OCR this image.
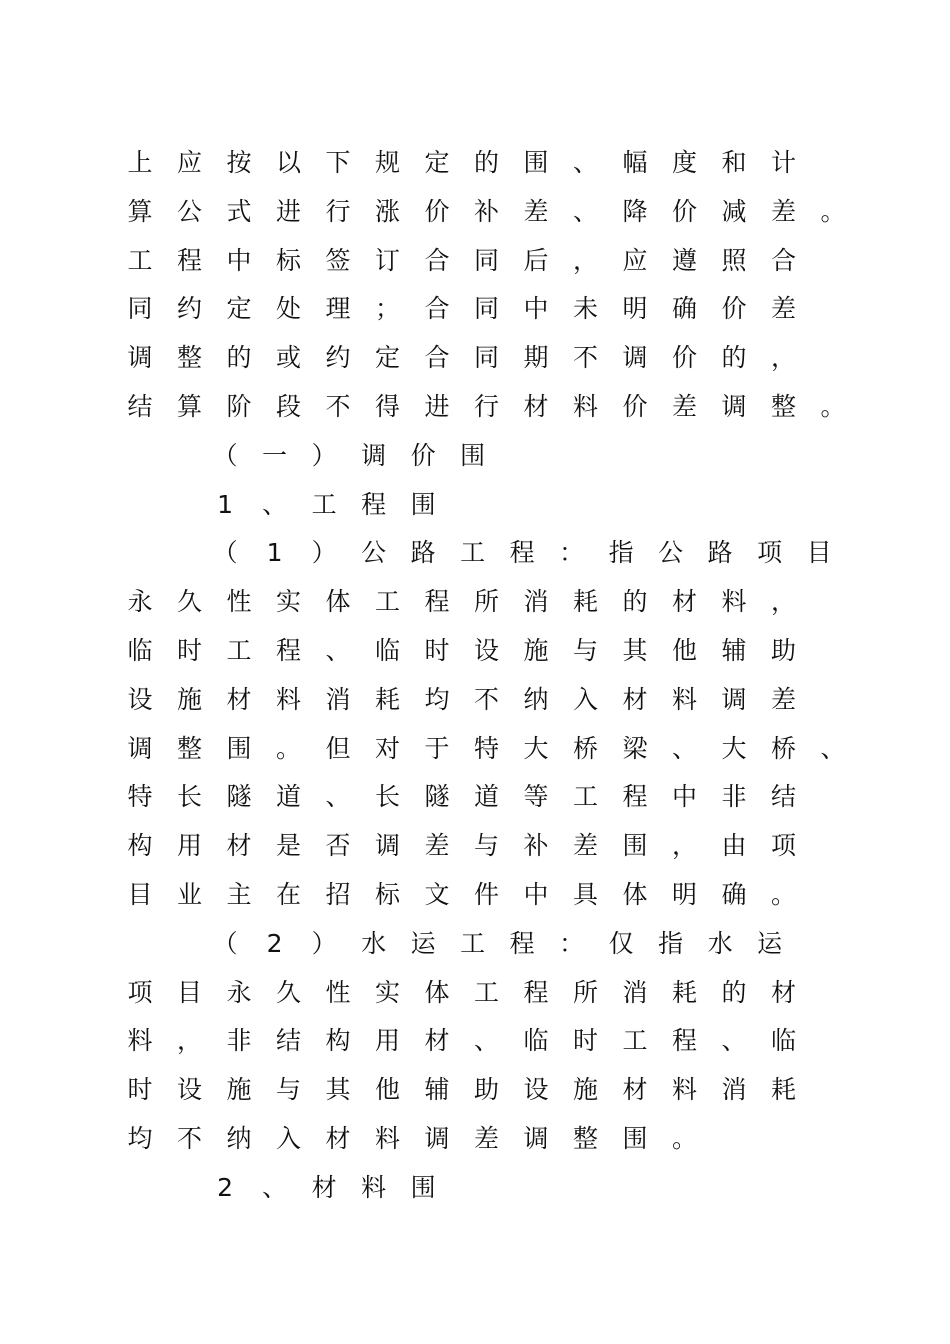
上 应 按 以 下 规 定 的 围 、 幅 度 和 计
算 公 式 进 行 涨 价 补 差 、 降 价 减 差 。
工 程 中 标 签 订 合 同 后 ， 应 遵 照 合
同 约 定 处 理 ； 合 同 中 未 明 确 价 差
调 整 的 或 约 定 合 同 期 不 调 价 的 ，
结 算 阶 段 不 得 进 行 材 料 价 差 调 整 。
（ 一 ） 调 价 围
1 、 工 程 围
（ 1 ） 公 路 工 程 ： 指 公 路 项 目
永 久 性 实 体 工 程 所 消 耗 的 材 料 ，
临 时 工 程 、 临 时 设 施 与 其 他 辅 助
设 施 材 料 消 耗 均 不 纳 入 材 料 调 差
调 整 围 。 但 对 于 特 大 桥 梁 、 大 桥 、
特 长 隧 道 、 长 隧 道 等 工 程 中 非 结
构 用 材 是 否 调 差 与 补 差 围 ， 由 项
目 业 主 在 招 标 文 件 中 具 体 明 确 。
（ 2 ） 水 运 工 程 ： 仅 指 水 运
项 目 永 久 性 实 体 工 程 所 消 耗 的 材
料 ， 非 结 构 用 材 、 临 时 工 程 、 临
时 设 施 与 其 他 辅 助 设 施 材 料 消 耗
均 不 纳 入 材 料 调 差 调 整 围 。
2 、 材 料 围
